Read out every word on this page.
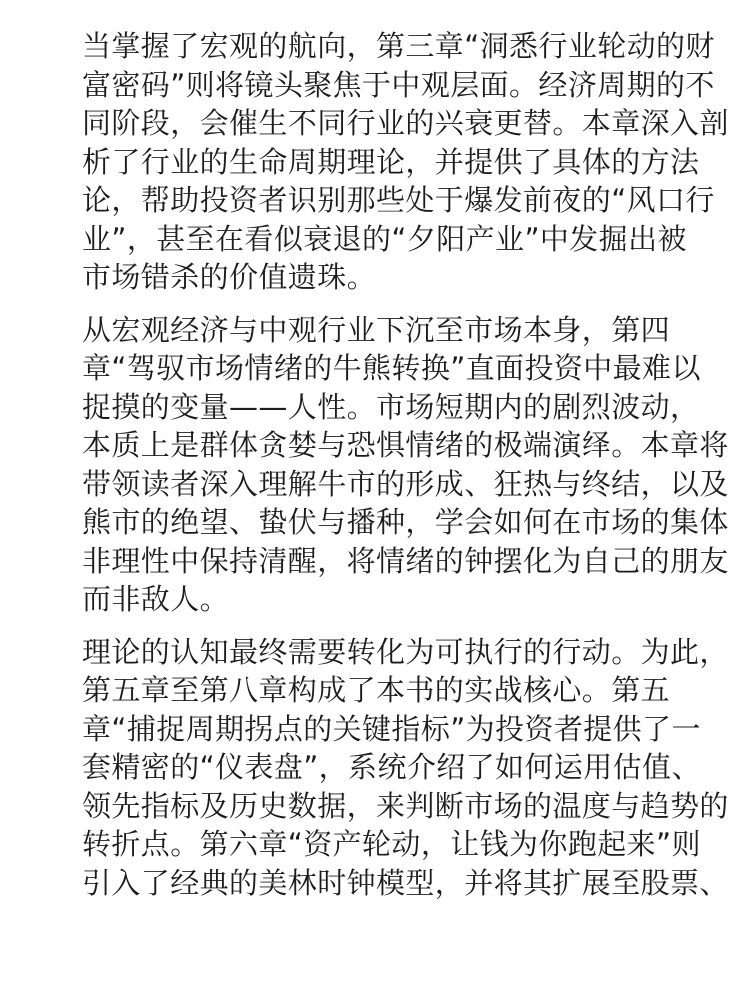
当掌握了宏观的航向，第三章“洞悉行业轮动的财
富密码”则将镜头聚焦于中观层面。经济周期的不
同阶段，会催生不同行业的兴衰更替。本章深入剖
析了行业的生命周期理论，并提供了具体的方法
论，帮助投资者识别那些处于爆发前夜的“风口行
业”，甚至在看似衰退的“夕阳产业”中发掘出被
市场错杀的价值遗珠。
从宏观经济与中观行业下沉至市场本身，第四
章“驾驭市场情绪的牛熊转换”直面投资中最难以
捉摸的变量——人性。市场短期内的剧烈波动，
本质上是群体贪婪与恐惧情绪的极端演绎。本章将
带领读者深入理解牛市的形成、狂热与终结，以及
熊市的绝望、蛰伏与播种，学会如何在市场的集体
非理性中保持清醒，将情绪的钟摆化为自己的朋友
而非敌人。
理论的认知最终需要转化为可执行的行动。为此，
第五章至第八章构成了本书的实战核心。第五
章“捕捉周期拐点的关键指标”为投资者提供了一
套精密的“仪表盘”，系统介绍了如何运用估值、
领先指标及历史数据，来判断市场的温度与趋势的
转折点。第六章“资产轮动，让钱为你跑起来”则
引入了经典的美林时钟模型，并将其扩展至股票、
